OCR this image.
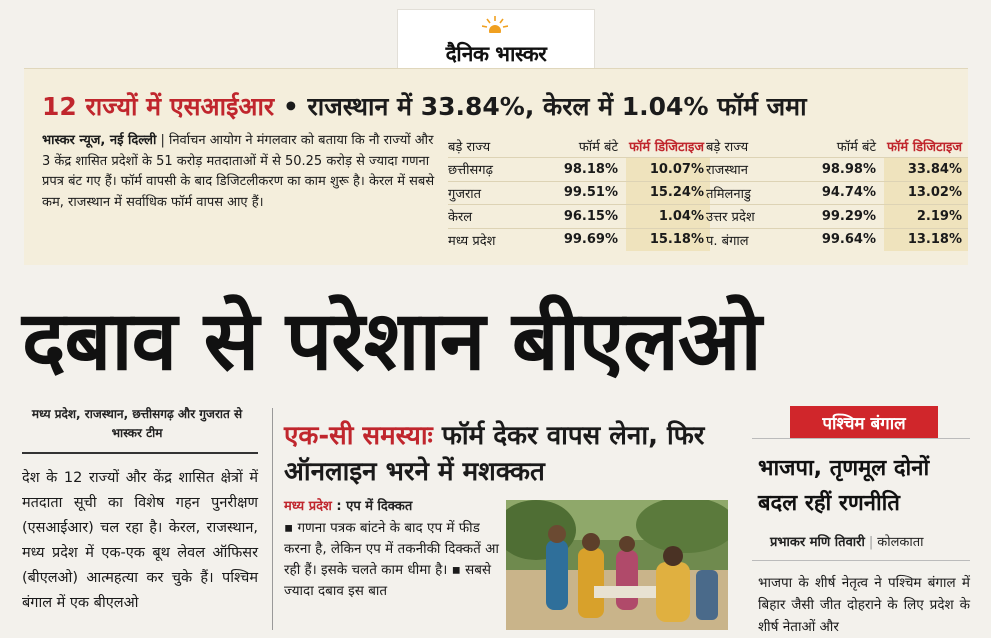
दैनिक भास्कर
12 राज्यों में एसआईआर • राजस्थान में 33.84%, केरल में 1.04% फॉर्म जमा
भास्कर न्यूज, नई दिल्ली | निर्वाचन आयोग ने मंगलवार को बताया कि नौ राज्यों और 3 केंद्र शासित प्रदेशों के 51 करोड़ मतदाताओं में से 50.25 करोड़ से ज्यादा गणना प्रपत्र बंट गए हैं। फॉर्म वापसी के बाद डिजिटलीकरण का काम शुरू है। केरल में सबसे कम, राजस्थान में सर्वाधिक फॉर्म वापस आए हैं।
बड़े राज्य	फॉर्म बंटे फॉर्म डिजिटाइज
छत्तीसगढ़	98.18%	10.07%
गुजरात	99.51%	15.24%
केरल	96.15%	1.04%
मध्य प्रदेश	99.69%	15.18%
बड़े राज्य	फॉर्म बंटे फॉर्म डिजिटाइज
राजस्थान	98.98%	33.84%
तमिलनाडु	94.74%	13.02%
उत्तर प्रदेश	99.29%	2.19%
प. बंगाल	99.64%	13.18%
दबाव से परेशान बीएलओ
मध्य प्रदेश, राजस्थान, छत्तीसगढ़ और गुजरात से भास्कर टीम
देश के 12 राज्यों और केंद्र शासित क्षेत्रों में मतदाता सूची का विशेष गहन पुनरीक्षण (एसआईआर) चल रहा है। केरल, राजस्थान, मध्य प्रदेश में एक-एक बूथ लेवल ऑफिसर (बीएलओ) आत्महत्या कर चुके हैं। पश्चिम बंगाल में एक बीएलओ
एक-सी समस्याः फॉर्म देकर वापस लेना, फिर ऑनलाइन भरने में मशक्कत
मध्य प्रदेश : एप में दिक्कत
▪ गणना पत्रक बांटने के बाद एप में फीड करना है, लेकिन एप में तकनीकी दिक्कतें आ रही हैं। इसके चलते काम धीमा है। ▪ सबसे ज्यादा दबाव इस बात
पश्चिम बंगाल
भाजपा, तृणमूल दोनों बदल रहीं रणनीति
प्रभाकर मणि तिवारी | कोलकाता
भाजपा के शीर्ष नेतृत्व ने पश्चिम बंगाल में बिहार जैसी जीत दोहराने के लिए प्रदेश के शीर्ष नेताओं और
